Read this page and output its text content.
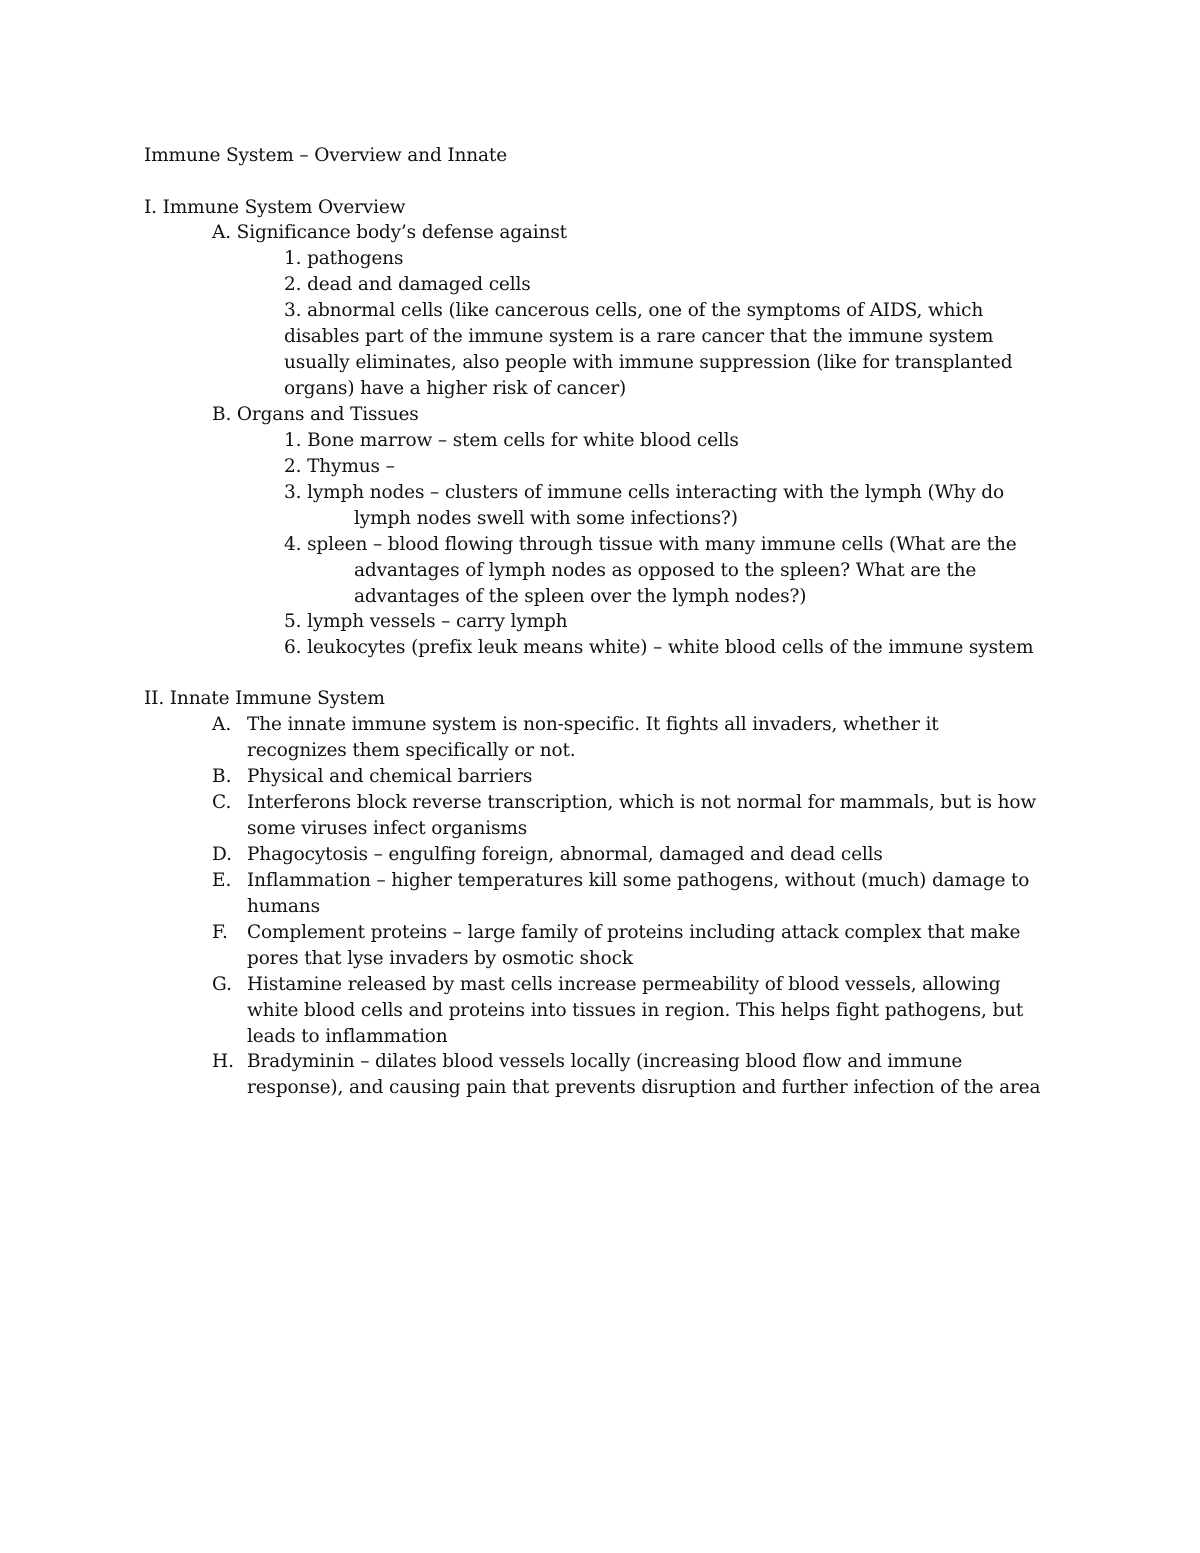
Immune System – Overview and Innate
I. Immune System Overview
A. Significance body’s defense against
1. pathogens
2. dead and damaged cells
3. abnormal cells (like cancerous cells, one of the symptoms of AIDS, which
disables part of the immune system is a rare cancer that the immune system
usually eliminates, also people with immune suppression (like for transplanted
organs) have a higher risk of cancer)
B. Organs and Tissues
1. Bone marrow – stem cells for white blood cells
2. Thymus –
3. lymph nodes – clusters of immune cells interacting with the lymph (Why do
lymph nodes swell with some infections?)
4. spleen – blood flowing through tissue with many immune cells (What are the
advantages of lymph nodes as opposed to the spleen? What are the
advantages of the spleen over the lymph nodes?)
5. lymph vessels – carry lymph
6. leukocytes (prefix leuk means white) – white blood cells of the immune system
II. Innate Immune System
A. The innate immune system is non-specific. It fights all invaders, whether it
recognizes them specifically or not.
B. Physical and chemical barriers
C. Interferons block reverse transcription, which is not normal for mammals, but is how
some viruses infect organisms
D. Phagocytosis – engulfing foreign, abnormal, damaged and dead cells
E. Inflammation – higher temperatures kill some pathogens, without (much) damage to
humans
F. Complement proteins – large family of proteins including attack complex that make
pores that lyse invaders by osmotic shock
G. Histamine released by mast cells increase permeability of blood vessels, allowing
white blood cells and proteins into tissues in region. This helps fight pathogens, but
leads to inflammation
H. Bradyminin – dilates blood vessels locally (increasing blood flow and immune
response), and causing pain that prevents disruption and further infection of the area
